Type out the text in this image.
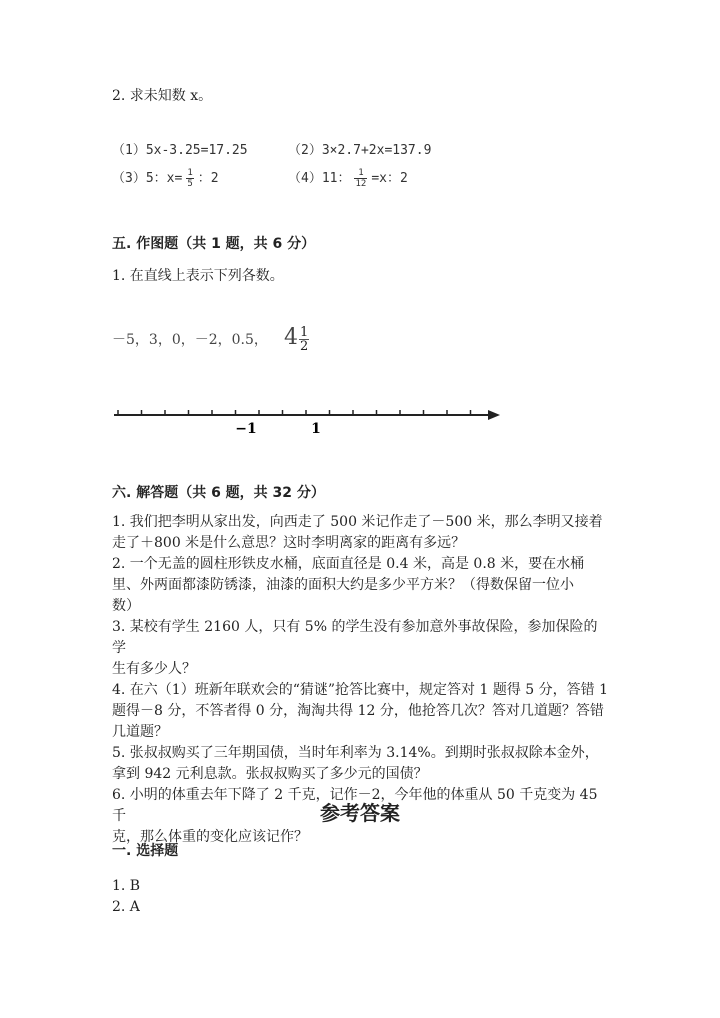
2. 求未知数 x。
（1）5x-3.25=17.25	（2）3×2.7+2x=137.9
（3）5：$x= \frac{1}{5}$ ：2	（4）11： $\frac{1}{12} =x$：2
五. 作图题（共 1 题，共 6 分）
1. 在直线上表示下列各数。
－5，3，0，－2，0.5， $4 \frac{1}{2}$
−1	1
六. 解答题（共 6 题，共 32 分）

1. 我们把李明从家出发，向西走了 500 米记作走了－500 米，那么李明又接着

走了＋800 米是什么意思？这时李明离家的距离有多远？

2. 一个无盖的圆柱形铁皮水桶，底面直径是 0.4 米，高是 0.8 米，要在水桶

里、外两面都漆防锈漆，油漆的面积大约是多少平方米？（得数保留一位小

数）

3. 某校有学生 2160 人，只有 5% 的学生没有参加意外事故保险，参加保险的学

生有多少人？

4. 在六（1）班新年联欢会的“猜谜”抢答比赛中，规定答对 1 题得 5 分，答错 1

题得－8 分，不答者得 0 分，淘淘共得 12 分，他抢答几次？答对几道题？答错

几道题？

5. 张叔叔购买了三年期国债，当时年利率为 3.14%。到期时张叔叔除本金外，

拿到 942 元利息款。张叔叔购买了多少元的国债？

6. 小明的体重去年下降了 2 千克，记作－2，今年他的体重从 50 千克变为 45 千

克，那么体重的变化应该记作？

参考答案
一. 选择题
1. B
2. A
